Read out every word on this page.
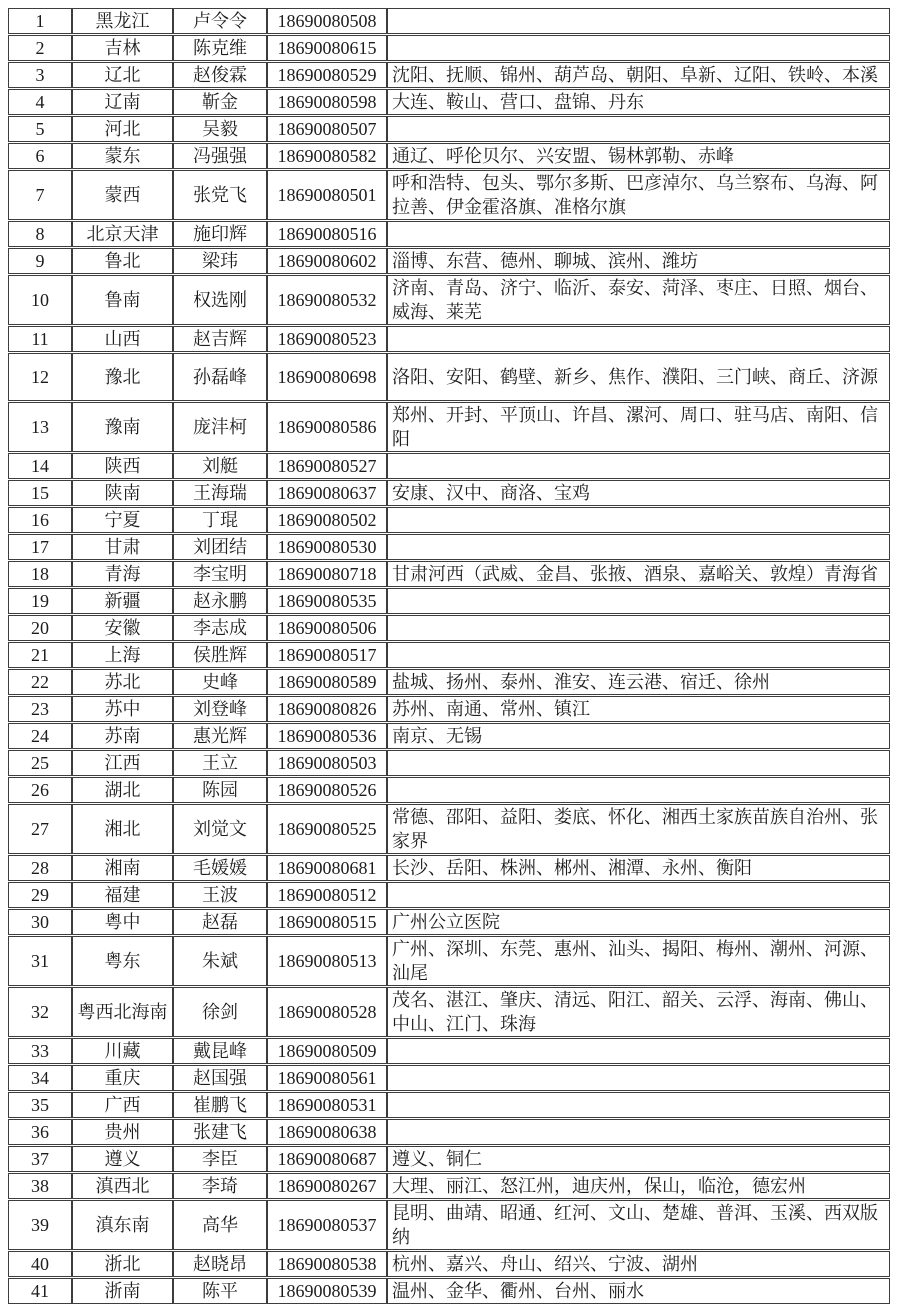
1	黑龙江	卢令令	18690080508	
2	吉林	陈克维	18690080615	
3	辽北	赵俊霖	18690080529	沈阳、抚顺、锦州、葫芦岛、朝阳、阜新、辽阳、铁岭、本溪
4	辽南	靳金	18690080598	大连、鞍山、营口、盘锦、丹东
5	河北	吴毅	18690080507	
6	蒙东	冯强强	18690080582	通辽、呼伦贝尔、兴安盟、锡林郭勒、赤峰
7	蒙西	张党飞	18690080501	呼和浩特、包头、鄂尔多斯、巴彦淖尔、乌兰察布、乌海、阿拉善、伊金霍洛旗、准格尔旗
8	北京天津	施印辉	18690080516	
9	鲁北	梁玮	18690080602	淄博、东营、德州、聊城、滨州、潍坊
10	鲁南	权选刚	18690080532	济南、青岛、济宁、临沂、泰安、菏泽、枣庄、日照、烟台、威海、莱芜
11	山西	赵吉辉	18690080523	
12	豫北	孙磊峰	18690080698	洛阳、安阳、鹤壁、新乡、焦作、濮阳、三门峡、商丘、济源
13	豫南	庞沣柯	18690080586	郑州、开封、平顶山、许昌、漯河、周口、驻马店、南阳、信阳
14	陕西	刘艇	18690080527	
15	陕南	王海瑞	18690080637	安康、汉中、商洛、宝鸡
16	宁夏	丁琨	18690080502	
17	甘肃	刘团结	18690080530	
18	青海	李宝明	18690080718	甘肃河西（武威、金昌、张掖、酒泉、嘉峪关、敦煌）青海省
19	新疆	赵永鹏	18690080535	
20	安徽	李志成	18690080506	
21	上海	侯胜辉	18690080517	
22	苏北	史峰	18690080589	盐城、扬州、泰州、淮安、连云港、宿迁、徐州
23	苏中	刘登峰	18690080826	苏州、南通、常州、镇江
24	苏南	惠光辉	18690080536	南京、无锡
25	江西	王立	18690080503	
26	湖北	陈园	18690080526	
27	湘北	刘觉文	18690080525	常德、邵阳、益阳、娄底、怀化、湘西土家族苗族自治州、张家界
28	湘南	毛媛媛	18690080681	长沙、岳阳、株洲、郴州、湘潭、永州、衡阳
29	福建	王波	18690080512	
30	粤中	赵磊	18690080515	广州公立医院
31	粤东	朱斌	18690080513	广州、深圳、东莞、惠州、汕头、揭阳、梅州、潮州、河源、汕尾
32	粤西北海南	徐剑	18690080528	茂名、湛江、肇庆、清远、阳江、韶关、云浮、海南、佛山、中山、江门、珠海
33	川藏	戴昆峰	18690080509	
34	重庆	赵国强	18690080561	
35	广西	崔鹏飞	18690080531	
36	贵州	张建飞	18690080638	
37	遵义	李臣	18690080687	遵义、铜仁
38	滇西北	李琦	18690080267	大理、丽江、怒江州，迪庆州，保山，临沧，德宏州
39	滇东南	高华	18690080537	昆明、曲靖、昭通、红河、文山、楚雄、普洱、玉溪、西双版纳
40	浙北	赵晓昂	18690080538	杭州、嘉兴、舟山、绍兴、宁波、湖州
41	浙南	陈平	18690080539	温州、金华、衢州、台州、丽水
